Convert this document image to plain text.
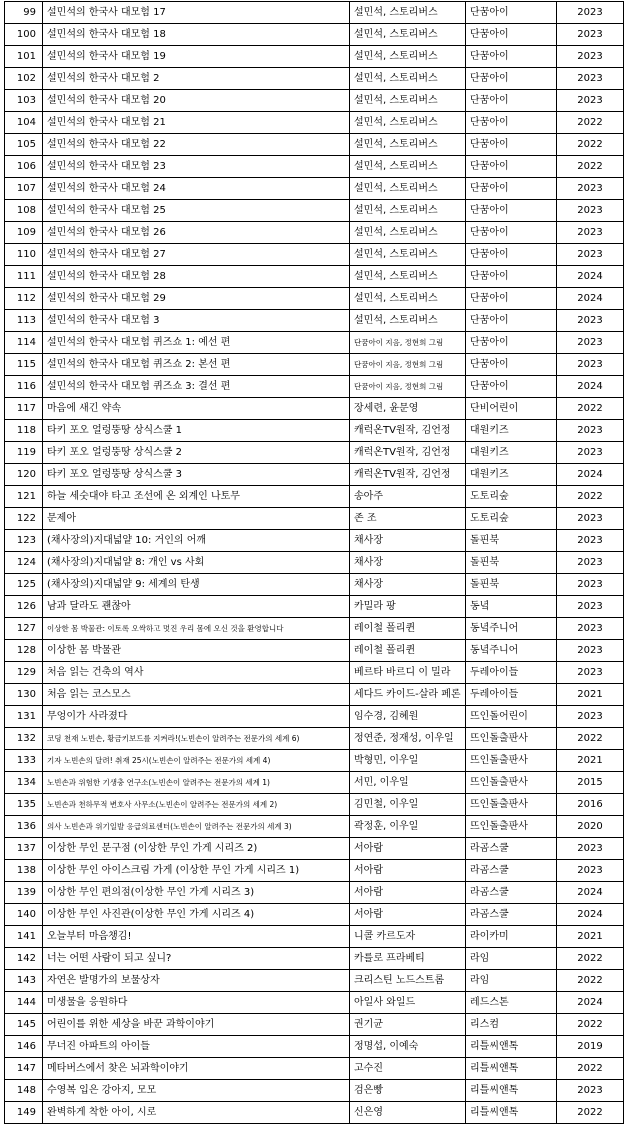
99	설민석의 한국사 대모험 17	설민석, 스토리버스	단꿈아이	2023
100	설민석의 한국사 대모험 18	설민석, 스토리버스	단꿈아이	2023
101	설민석의 한국사 대모험 19	설민석, 스토리버스	단꿈아이	2023
102	설민석의 한국사 대모험 2	설민석, 스토리버스	단꿈아이	2023
103	설민석의 한국사 대모험 20	설민석, 스토리버스	단꿈아이	2023
104	설민석의 한국사 대모험 21	설민석, 스토리버스	단꿈아이	2022
105	설민석의 한국사 대모험 22	설민석, 스토리버스	단꿈아이	2022
106	설민석의 한국사 대모험 23	설민석, 스토리버스	단꿈아이	2022
107	설민석의 한국사 대모험 24	설민석, 스토리버스	단꿈아이	2023
108	설민석의 한국사 대모험 25	설민석, 스토리버스	단꿈아이	2023
109	설민석의 한국사 대모험 26	설민석, 스토리버스	단꿈아이	2023
110	설민석의 한국사 대모험 27	설민석, 스토리버스	단꿈아이	2023
111	설민석의 한국사 대모험 28	설민석, 스토리버스	단꿈아이	2024
112	설민석의 한국사 대모험 29	설민석, 스토리버스	단꿈아이	2024
113	설민석의 한국사 대모험 3	설민석, 스토리버스	단꿈아이	2023
114	설민석의 한국사 대모험 퀴즈쇼 1: 예선 편	단꿈아이 지음, 정현희 그림	단꿈아이	2023
115	설민석의 한국사 대모험 퀴즈쇼 2: 본선 편	단꿈아이 지음, 정현희 그림	단꿈아이	2023
116	설민석의 한국사 대모험 퀴즈쇼 3: 결선 편	단꿈아이 지음, 정현희 그림	단꿈아이	2024
117	마음에 새긴 약속	장세련, 윤문영	단비어린이	2022
118	타키 포오 얼렁뚱땅 상식스쿨 1	캐럭온TV원작, 김언정	대원키즈	2023
119	타키 포오 얼렁뚱땅 상식스쿨 2	캐럭온TV원작, 김언정	대원키즈	2023
120	타키 포오 얼렁뚱땅 상식스쿨 3	캐럭온TV원작, 김언정	대원키즈	2024
121	하늘 세숫대야 타고 조선에 온 외계인 나토무	송아주	도토리숲	2022
122	문제아	존 조	도토리숲	2023
123	(채사장의)지대넓얕 10: 거인의 어깨	채사장	돌핀북	2023
124	(채사장의)지대넓얕 8: 개인 vs 사회	채사장	돌핀북	2023
125	(채사장의)지대넓얕 9: 세계의 탄생	채사장	돌핀북	2023
126	남과 달라도 괜찮아	카밀라 팡	동녘	2023
127	이상한 몸 박물관: 이토록 오싹하고 멋진 우리 몸에 오신 것을 환영합니다	레이철 폴리퀸	동녘주니어	2023
128	이상한 몸 박물관	레이철 폴리퀸	동녘주니어	2023
129	처음 읽는 건축의 역사	베르타 바르디 이 밀라	두레아이들	2023
130	처음 읽는 코스모스	세다드 카이드-살라 페론	두레아이들	2021
131	무엉이가 사라졌다	임수경, 김혜원	뜨인돌어린이	2023
132	코딩 천재 노빈손, 황금키보드를 지켜라!(노빈손이 알려주는 전문가의 세계 6)	정연준, 정재성, 이우일	뜨인돌출판사	2022
133	기자 노빈손의 달려! 취재 25시(노빈손이 알려주는 전문가의 세계 4)	박형민, 이우일	뜨인돌출판사	2021
134	노빈손과 위험한 기생충 연구소(노빈손이 알려주는 전문가의 세계 1)	서민, 이우일	뜨인돌출판사	2015
135	노빈손과 천하무적 변호사 사무소(노빈손이 알려주는 전문가의 세계 2)	김민철, 이우일	뜨인돌출판사	2016
136	의사 노빈손과 위기일발 응급의료센터(노빈손이 알려주는 전문가의 세계 3)	곽정훈, 이우일	뜨인돌출판사	2020
137	이상한 무인 문구점 (이상한 무인 가게 시리즈 2)	서아람	라곰스쿨	2023
138	이상한 무인 아이스크림 가게 (이상한 무인 가게 시리즈 1)	서아람	라곰스쿨	2023
139	이상한 무인 편의점(이상한 무인 가게 시리즈 3)	서아람	라곰스쿨	2024
140	이상한 무인 사진관(이상한 무인 가게 시리즈 4)	서아람	라곰스쿨	2024
141	오늘부터 마음챙김!	니콜 카르도자	라이카미	2021
142	너는 어떤 사람이 되고 싶니?	카를로 프라베티	라임	2022
143	자연은 발명가의 보물상자	크리스틴 노드스트롬	라임	2022
144	미생물을 응원하다	아일사 와일드	레드스톤	2024
145	어린이를 위한 세상을 바꾼 과학이야기	권기균	리스컴	2022
146	무너진 아파트의 아이들	정명섭, 이예숙	리틀씨앤톡	2019
147	메타버스에서 찾은 뇌과학이야기	고수진	리틀씨앤톡	2022
148	수영복 입은 강아지, 모모	검은빵	리틀씨앤톡	2023
149	완벽하게 착한 아이, 시로	신은영	리틀씨앤톡	2022
